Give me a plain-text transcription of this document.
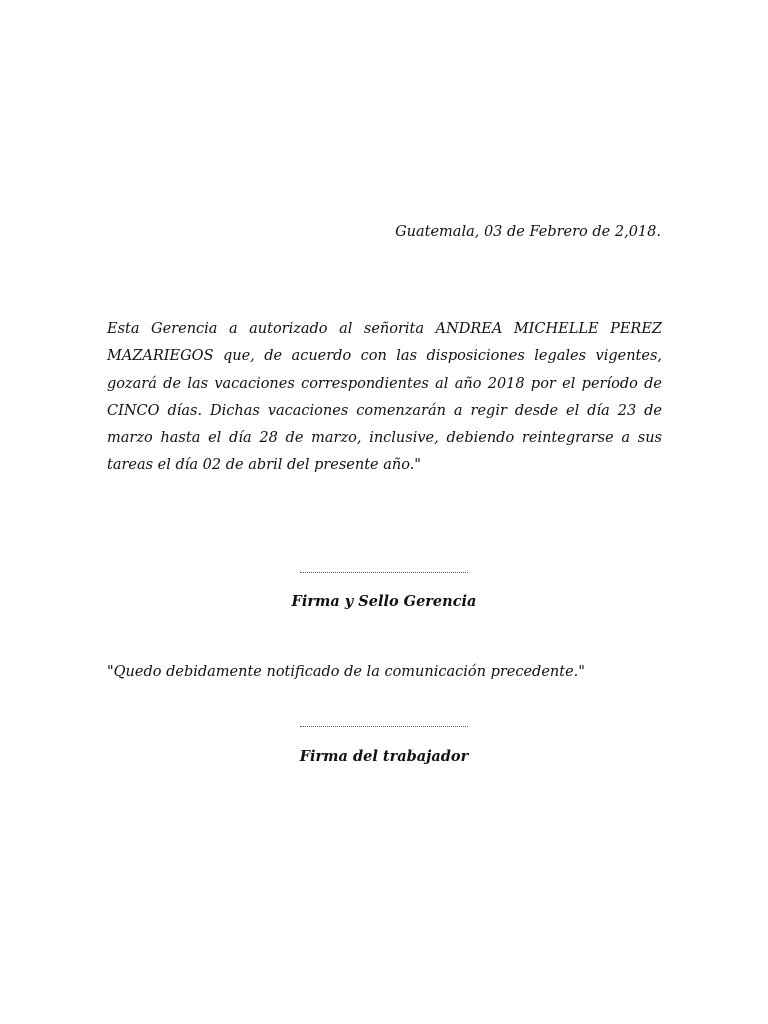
Guatemala, 03 de Febrero de 2,018.

Esta Gerencia a autorizado al señorita ANDREA MICHELLE PEREZ MAZARIEGOS que, de acuerdo con las disposiciones legales vigentes, gozará de las vacaciones correspondientes al año 2018 por el período de CINCO días. Dichas vacaciones comenzarán a regir desde el día 23 de marzo hasta el día 28 de marzo, inclusive, debiendo reintegrarse a sus tareas el día 02 de abril del presente año."

Firma y Sello Gerencia
"Quedo debidamente notificado de la comunicación precedente."
Firma del trabajador
